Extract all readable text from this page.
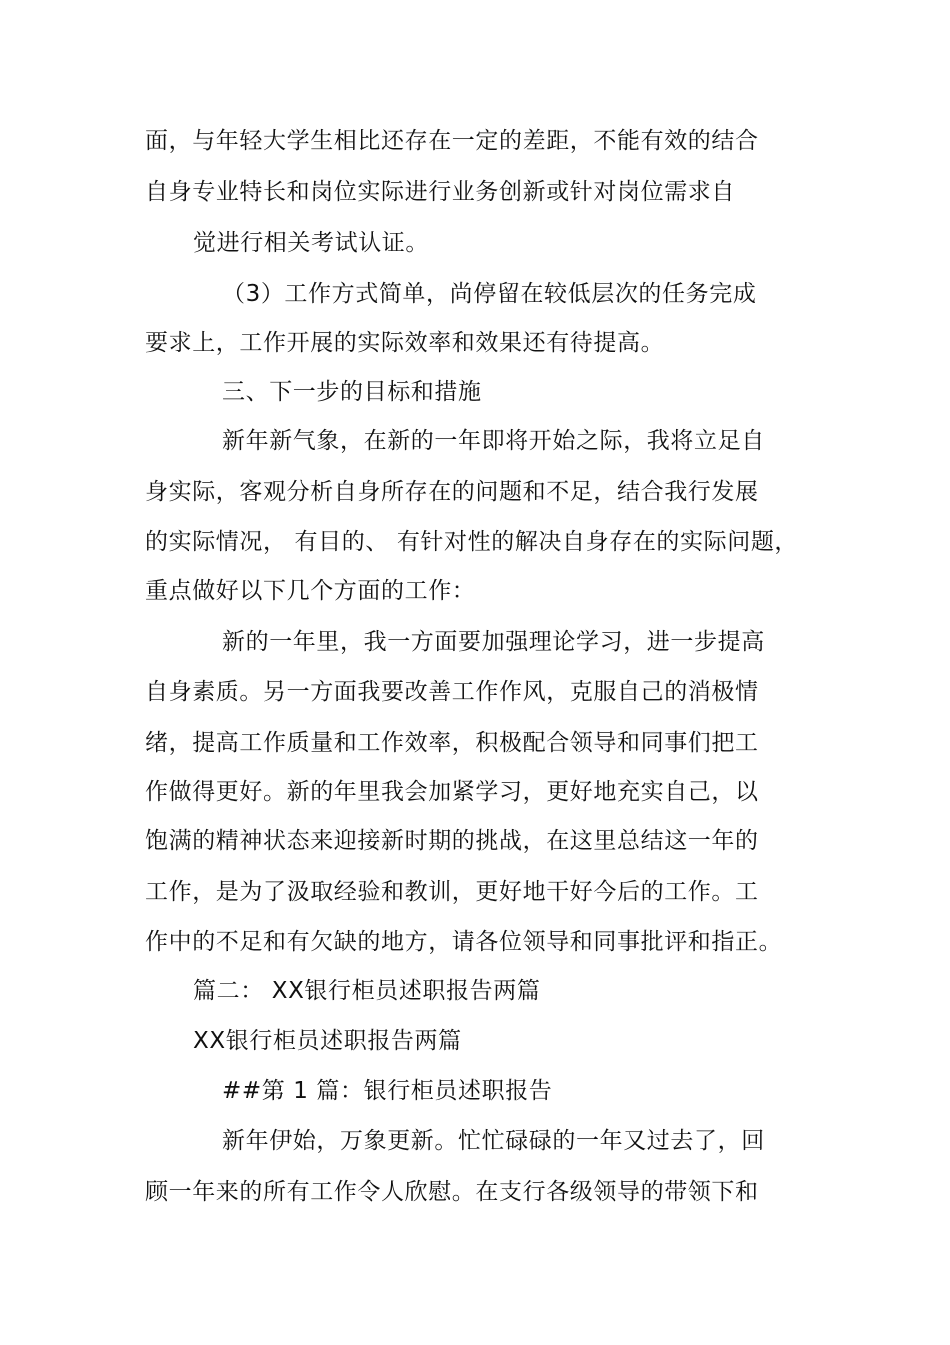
面，与年轻大学生相比还存在一定的差距，不能有效的结合
自身专业特长和岗位实际进行业务创新或针对岗位需求自
觉进行相关考试认证。
（3）工作方式简单，尚停留在较低层次的任务完成
要求上，工作开展的实际效率和效果还有待提高。
三、下一步的目标和措施
新年新气象，在新的一年即将开始之际，我将立足自
身实际，客观分析自身所存在的问题和不足，结合我行发展
的实际情况， 有目的、 有针对性的解决自身存在的实际问题，
重点做好以下几个方面的工作：
新的一年里，我一方面要加强理论学习，进一步提高
自身素质。另一方面我要改善工作作风，克服自己的消极情
绪，提高工作质量和工作效率，积极配合领导和同事们把工
作做得更好。新的年里我会加紧学习，更好地充实自己，以
饱满的精神状态来迎接新时期的挑战，在这里总结这一年的
工作，是为了汲取经验和教训，更好地干好今后的工作。工
作中的不足和有欠缺的地方，请各位领导和同事批评和指正。
篇二： XX银行柜员述职报告两篇
XX银行柜员述职报告两篇
##第 1 篇：银行柜员述职报告
新年伊始，万象更新。忙忙碌碌的一年又过去了，回
顾一年来的所有工作令人欣慰。在支行各级领导的带领下和
